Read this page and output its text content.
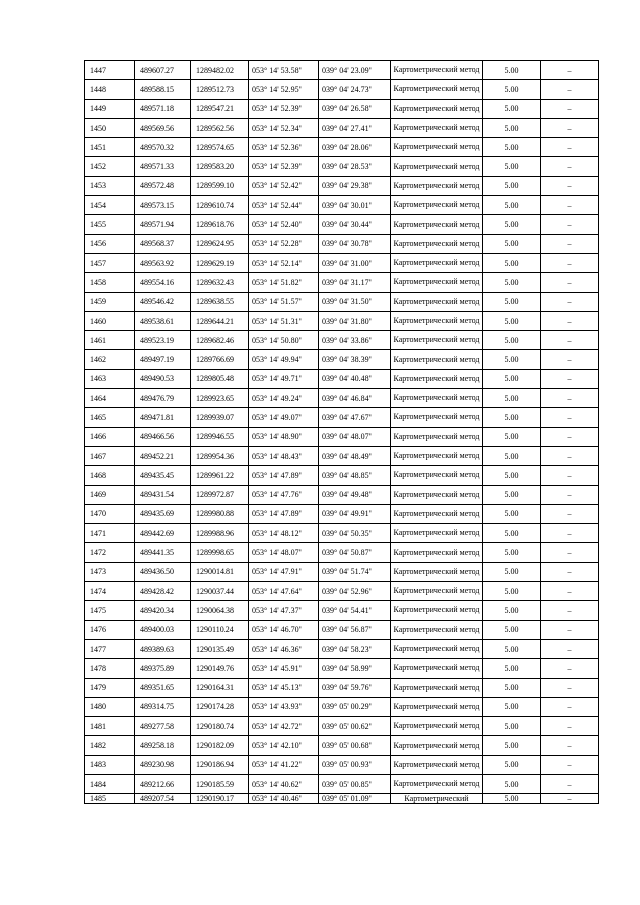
1447	489607.27	1289482.02	053° 14' 53.58"	039° 04' 23.09"	Картометрический метод	5.00	–
1448	489588.15	1289512.73	053° 14' 52.95"	039° 04' 24.73"	Картометрический метод	5.00	–
1449	489571.18	1289547.21	053° 14' 52.39"	039° 04' 26.58"	Картометрический метод	5.00	–
1450	489569.56	1289562.56	053° 14' 52.34"	039° 04' 27.41"	Картометрический метод	5.00	–
1451	489570.32	1289574.65	053° 14' 52.36"	039° 04' 28.06"	Картометрический метод	5.00	–
1452	489571.33	1289583.20	053° 14' 52.39"	039° 04' 28.53"	Картометрический метод	5.00	–
1453	489572.48	1289599.10	053° 14' 52.42"	039° 04' 29.38"	Картометрический метод	5.00	–
1454	489573.15	1289610.74	053° 14' 52.44"	039° 04' 30.01"	Картометрический метод	5.00	–
1455	489571.94	1289618.76	053° 14' 52.40"	039° 04' 30.44"	Картометрический метод	5.00	–
1456	489568.37	1289624.95	053° 14' 52.28"	039° 04' 30.78"	Картометрический метод	5.00	–
1457	489563.92	1289629.19	053° 14' 52.14"	039° 04' 31.00"	Картометрический метод	5.00	–
1458	489554.16	1289632.43	053° 14' 51.82"	039° 04' 31.17"	Картометрический метод	5.00	–
1459	489546.42	1289638.55	053° 14' 51.57"	039° 04' 31.50"	Картометрический метод	5.00	–
1460	489538.61	1289644.21	053° 14' 51.31"	039° 04' 31.80"	Картометрический метод	5.00	–
1461	489523.19	1289682.46	053° 14' 50.80"	039° 04' 33.86"	Картометрический метод	5.00	–
1462	489497.19	1289766.69	053° 14' 49.94"	039° 04' 38.39"	Картометрический метод	5.00	–
1463	489490.53	1289805.48	053° 14' 49.71"	039° 04' 40.48"	Картометрический метод	5.00	–
1464	489476.79	1289923.65	053° 14' 49.24"	039° 04' 46.84"	Картометрический метод	5.00	–
1465	489471.81	1289939.07	053° 14' 49.07"	039° 04' 47.67"	Картометрический метод	5.00	–
1466	489466.56	1289946.55	053° 14' 48.90"	039° 04' 48.07"	Картометрический метод	5.00	–
1467	489452.21	1289954.36	053° 14' 48.43"	039° 04' 48.49"	Картометрический метод	5.00	–
1468	489435.45	1289961.22	053° 14' 47.89"	039° 04' 48.85"	Картометрический метод	5.00	–
1469	489431.54	1289972.87	053° 14' 47.76"	039° 04' 49.48"	Картометрический метод	5.00	–
1470	489435.69	1289980.88	053° 14' 47.89"	039° 04' 49.91"	Картометрический метод	5.00	–
1471	489442.69	1289988.96	053° 14' 48.12"	039° 04' 50.35"	Картометрический метод	5.00	–
1472	489441.35	1289998.65	053° 14' 48.07"	039° 04' 50.87"	Картометрический метод	5.00	–
1473	489436.50	1290014.81	053° 14' 47.91"	039° 04' 51.74"	Картометрический метод	5.00	–
1474	489428.42	1290037.44	053° 14' 47.64"	039° 04' 52.96"	Картометрический метод	5.00	–
1475	489420.34	1290064.38	053° 14' 47.37"	039° 04' 54.41"	Картометрический метод	5.00	–
1476	489400.03	1290110.24	053° 14' 46.70"	039° 04' 56.87"	Картометрический метод	5.00	–
1477	489389.63	1290135.49	053° 14' 46.36"	039° 04' 58.23"	Картометрический метод	5.00	–
1478	489375.89	1290149.76	053° 14' 45.91"	039° 04' 58.99"	Картометрический метод	5.00	–
1479	489351.65	1290164.31	053° 14' 45.13"	039° 04' 59.76"	Картометрический метод	5.00	–
1480	489314.75	1290174.28	053° 14' 43.93"	039° 05' 00.29"	Картометрический метод	5.00	–
1481	489277.58	1290180.74	053° 14' 42.72"	039° 05' 00.62"	Картометрический метод	5.00	–
1482	489258.18	1290182.09	053° 14' 42.10"	039° 05' 00.68"	Картометрический метод	5.00	–
1483	489230.98	1290186.94	053° 14' 41.22"	039° 05' 00.93"	Картометрический метод	5.00	–
1484	489212.66	1290185.59	053° 14' 40.62"	039° 05' 00.85"	Картометрический метод	5.00	–
1485	489207.54	1290190.17	053° 14' 40.46"	039° 05' 01.09"	Картометрический	5.00	–
